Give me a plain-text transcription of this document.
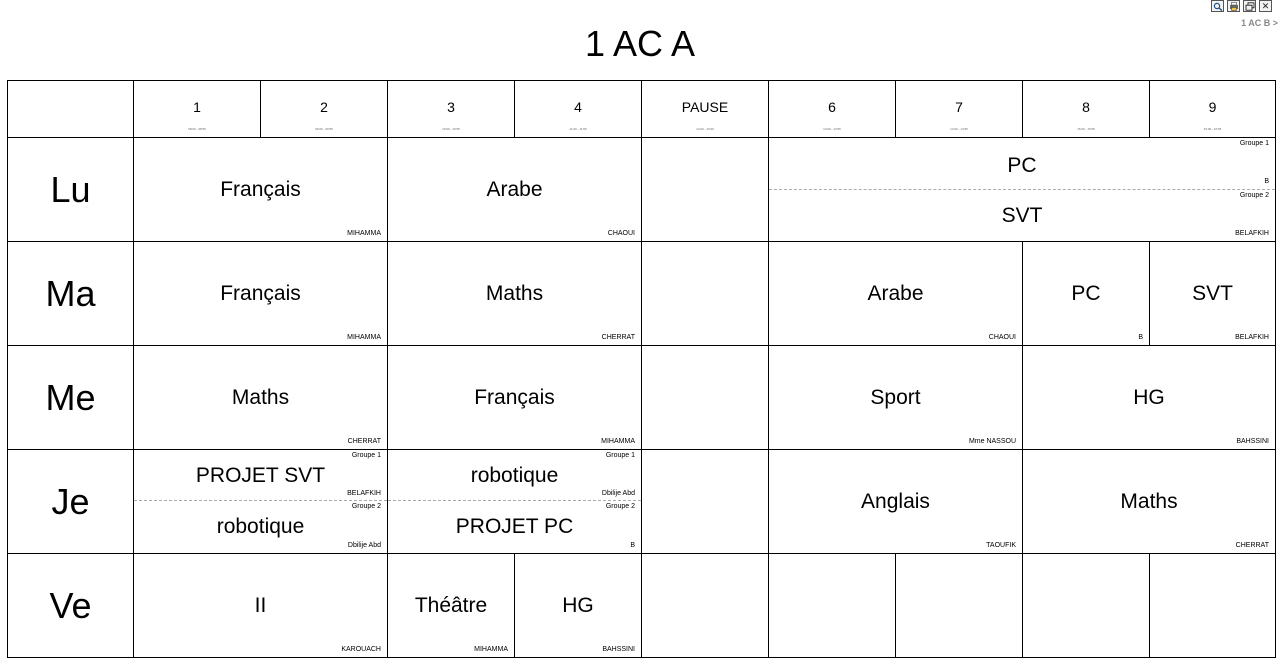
✕
1 AC B >
1 AC A
1
08:00 - 08:55
2
09:00 - 09:55
3
10:00 - 10:55
4
11:00 - 11:55
PAUSE
12:00 - 13:00
6
13:00 - 13:55
7
14:00 - 14:55
8
15:00 - 15:55
9
16:00 - 16:55
Lu
Ma
Me
Je
Ve
Français
MIHAMMA
Arabe
CHAOUI
Groupe 1
PC
B
Groupe 2
SVT
BELAFKIH
Français
MIHAMMA
Maths
CHERRAT
Arabe
CHAOUI
PC
B
SVT
BELAFKIH
Maths
CHERRAT
Français
MIHAMMA
Sport
Mme NASSOU
HG
BAHSSINI
Groupe 1
PROJET SVT
BELAFKIH
Groupe 2
robotique
Dbilije Abd
Groupe 1
robotique
Dbilije Abd
Groupe 2
PROJET PC
B
Anglais
TAOUFIK
Maths
CHERRAT
II
KAROUACH
Théâtre
MIHAMMA
HG
BAHSSINI
